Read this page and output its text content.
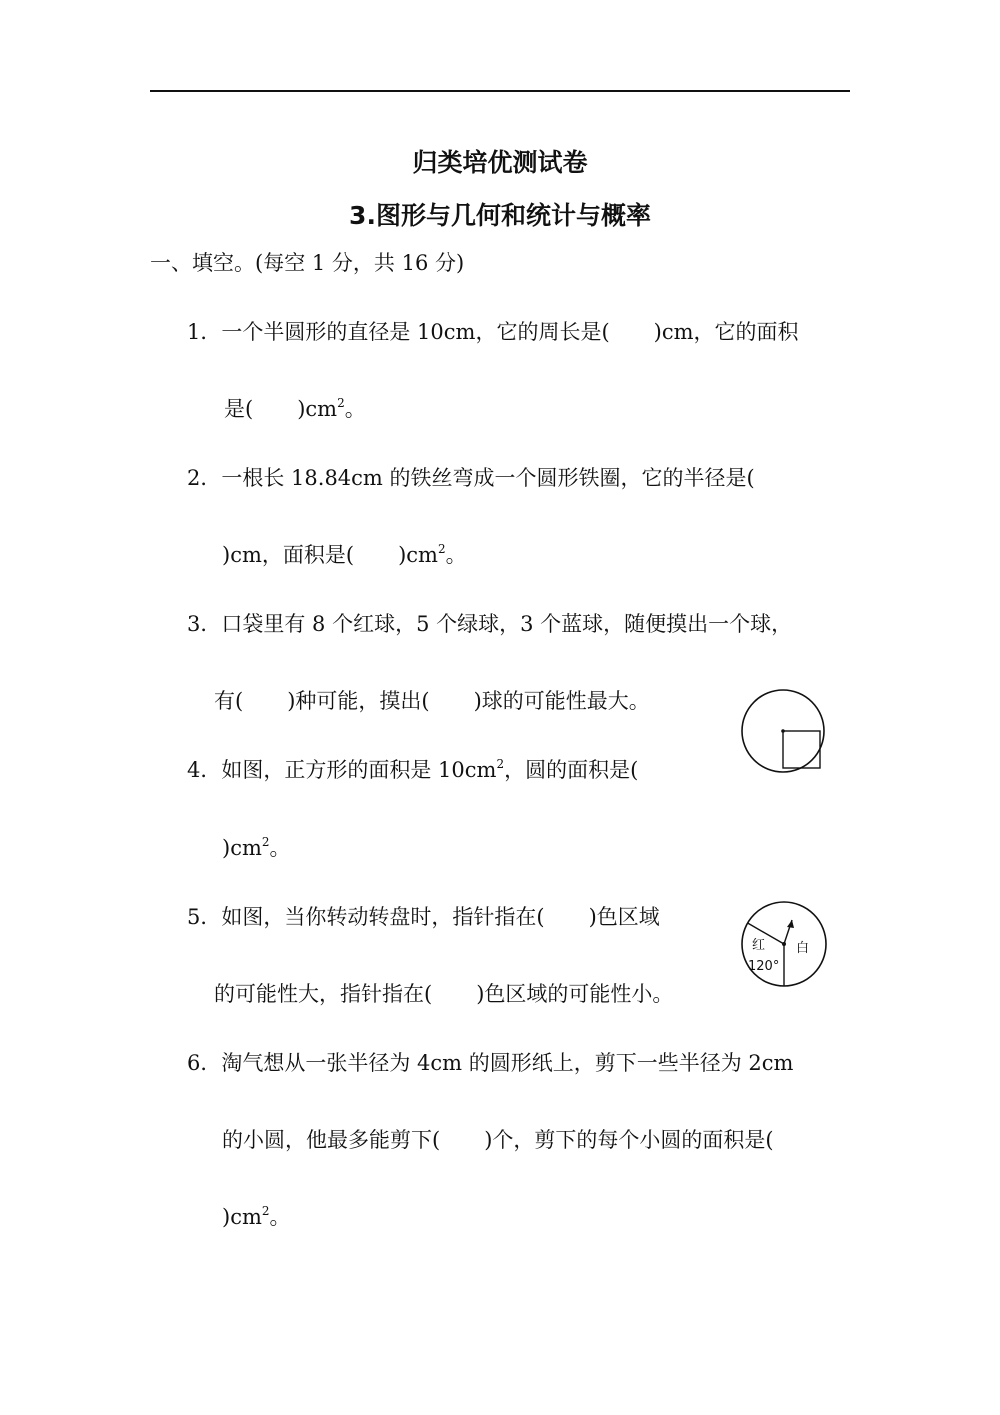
归类培优测试卷
3.图形与几何和统计与概率
一、填空。(每空 1 分，共 16 分)
1．一个半圆形的直径是 10cm，它的周长是( )cm，它的面积
是( )$cm^2$。
2．一根长 18.84cm 的铁丝弯成一个圆形铁圈，它的半径是(
)cm，面积是( )$cm^2$。
3．口袋里有 8 个红球，5 个绿球，3 个蓝球，随便摸出一个球，
有( )种可能，摸出( )球的可能性最大。
4．如图，正方形的面积是 $10cm^2$，圆的面积是(
)$cm^2$。
5．如图，当你转动转盘时，指针指在( )色区域
的可能性大，指针指在( )色区域的可能性小。
红 白
120°
6．淘气想从一张半径为 4cm 的圆形纸上，剪下一些半径为 2cm
的小圆，他最多能剪下( )个，剪下的每个小圆的面积是(
)$cm^2$。
